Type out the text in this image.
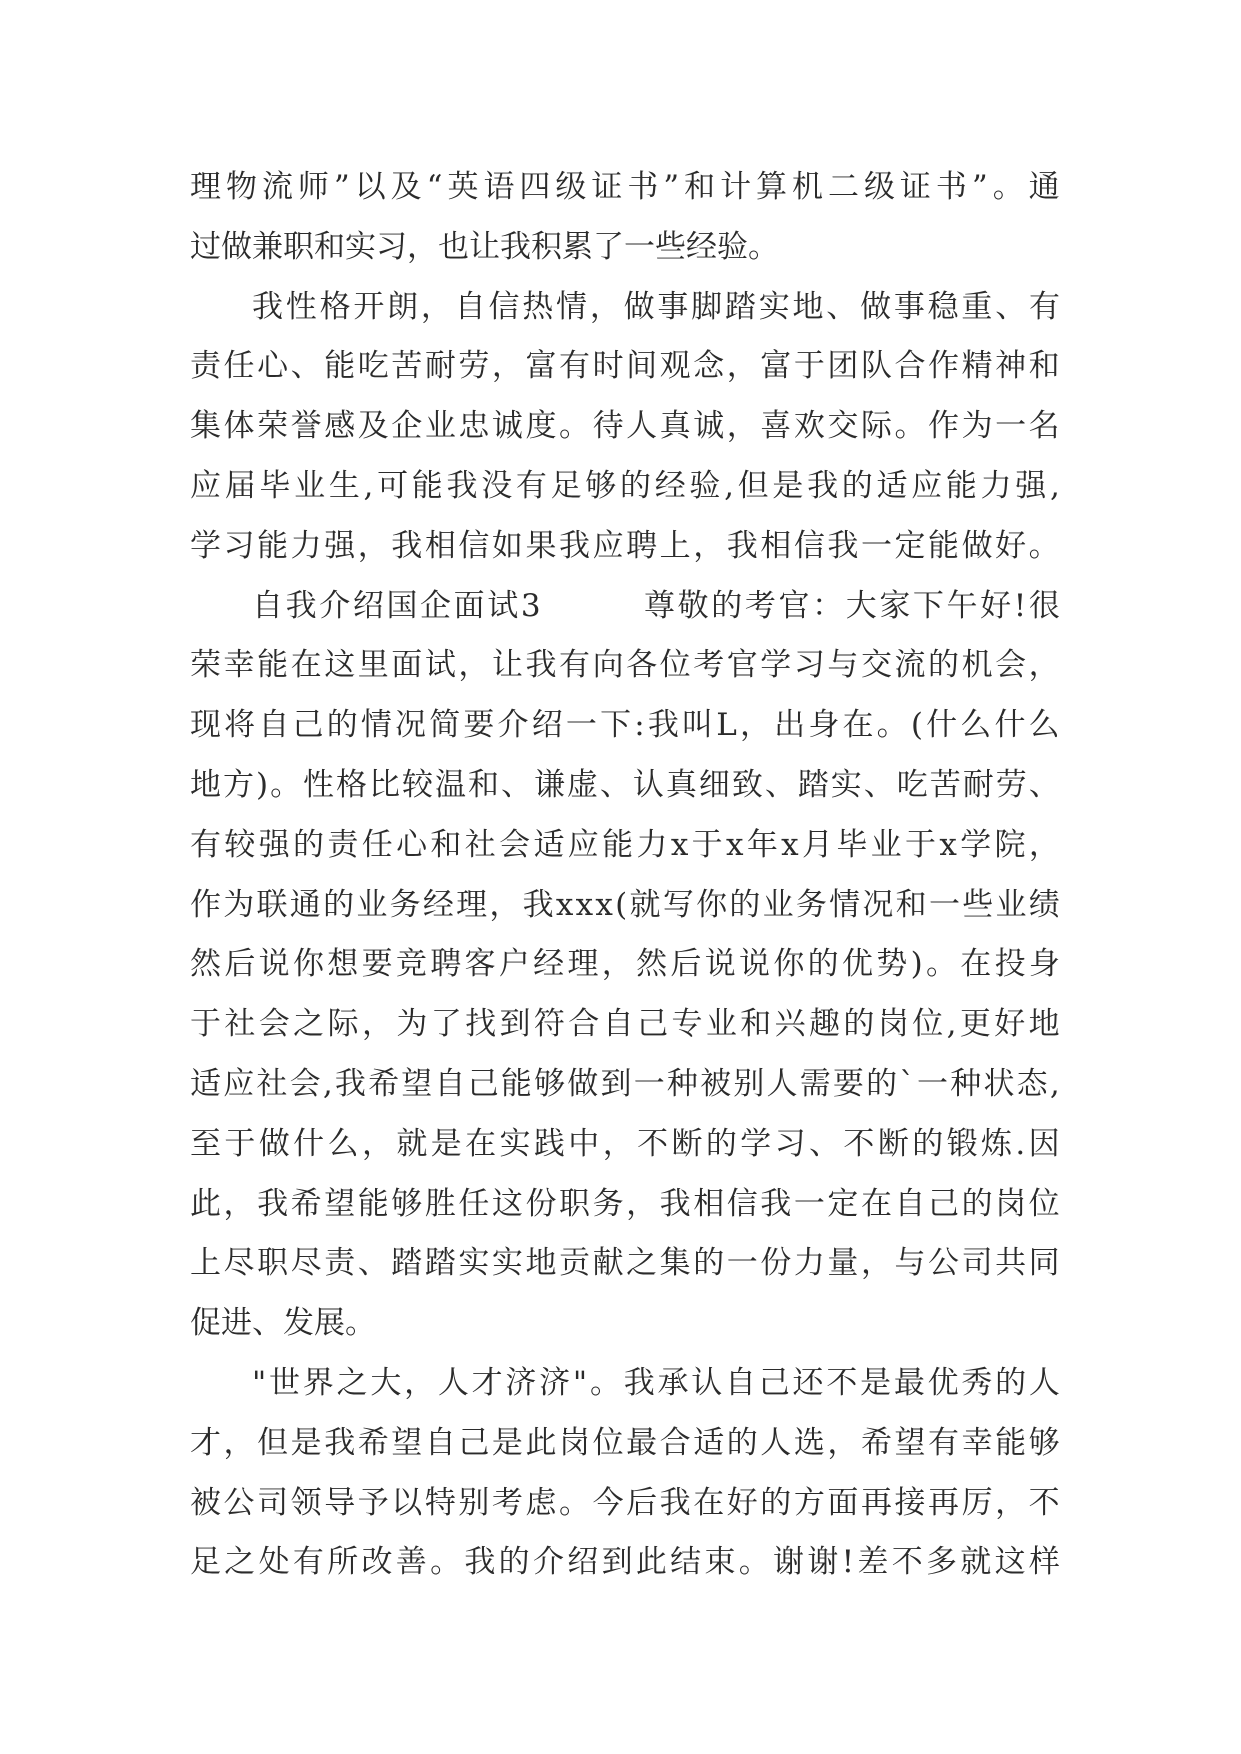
理 物 流 师 ” 以 及 “ 英 语 四 级 证 书 ” 和 计 算 机 二 级 证 书 ” 。 通
过做兼职和实习，也让我积累了一些经验。
我 性 格 开 朗 ， 自 信 热 情 ， 做 事 脚 踏 实 地 、 做 事 稳 重 、 有
责 任 心 、 能 吃 苦 耐 劳 ， 富 有 时 间 观 念 ， 富 于 团 队 合 作 精 神 和
集 体 荣 誉 感 及 企 业 忠 诚 度 。 待 人 真 诚 ， 喜 欢 交 际 。 作 为 一 名
应 届 毕 业 生 , 可 能 我 没 有 足 够 的 经 验 , 但 是 我 的 适 应 能 力 强 ,
学 习 能 力 强 ， 我 相 信 如 果 我 应 聘 上 ， 我 相 信 我 一 定 能 做 好 。
自 我 介 绍 国 企 面 试 3

　	尊 敬 的 考 官 ： 大 家 下 午 好 ! 很
荣 幸 能 在 这 里 面 试 ， 让 我 有 向 各 位 考 官 学 习 与 交 流 的 机 会 ，
现 将 自 己 的 情 况 简 要 介 绍 一 下 : 我 叫 L ， 出 身 在 。 ( 什 么 什 么
地 方 ) 。 性 格 比 较 温 和 、 谦 虚 、 认 真 细 致 、 踏 实 、 吃 苦 耐 劳 、
有 较 强 的 责 任 心 和 社 会 适 应 能 力 x 于 x 年 x 月 毕 业 于 x 学 院 ，
作 为 联 通 的 业 务 经 理 ， 我 x x x ( 就 写 你 的 业 务 情 况 和 一 些 业 绩
然 后 说 你 想 要 竞 聘 客 户 经 理 ， 然 后 说 说 你 的 优 势 ) 。 在 投 身
于 社 会 之 际 ， 为 了 找 到 符 合 自 己 专 业 和 兴 趣 的 岗 位 , 更 好 地
适 应 社 会 , 我 希 望 自 己 能 够 做 到 一 种 被 别 人 需 要 的 ` 一 种 状 态 ,
至 于 做 什 么 ， 就 是 在 实 践 中 ， 不 断 的 学 习 、 不 断 的 锻 炼 . 因
此 ， 我 希 望 能 够 胜 任 这 份 职 务 ， 我 相 信 我 一 定 在 自 己 的 岗 位
上 尽 职 尽 责 、 踏 踏 实 实 地 贡 献 之 集 的 一 份 力 量 ， 与 公 司 共 同
促进、发展。
" 世 界 之 大 ， 人 才 济 济 " 。 我 承 认 自 己 还 不 是 最 优 秀 的 人
才 ， 但 是 我 希 望 自 己 是 此 岗 位 最 合 适 的 人 选 ， 希 望 有 幸 能 够
被 公 司 领 导 予 以 特 别 考 虑 。 今 后 我 在 好 的 方 面 再 接 再 厉 ， 不
足 之 处 有 所 改 善 。 我 的 介 绍 到 此 结 束 。 谢 谢 ! 差 不 多 就 这 样
